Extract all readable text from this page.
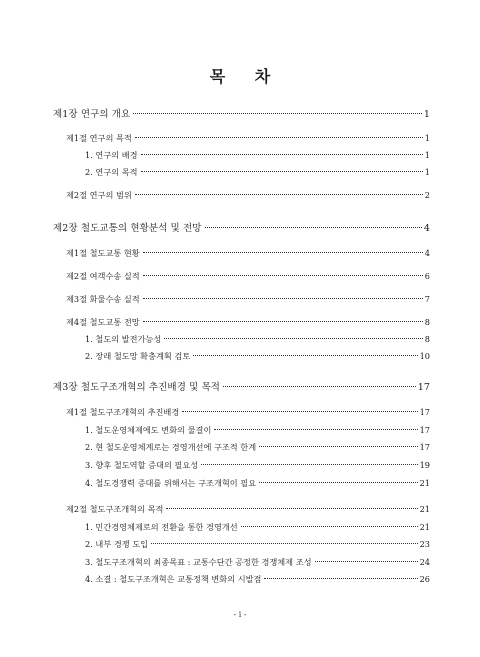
목 차
제1장 연구의 개요	1
제1절 연구의 목적	1
1. 연구의 배경	1
2. 연구의 목적	1
제2절 연구의 범위	2
제2장 철도교통의 현황분석 및 전망	4
제1절 철도교통 현황	4
제2절 여객수송 실적	6
제3절 화물수송 실적	7
제4절 철도교통 전망	8
1. 철도의 발전가능성	8
2. 장래 철도망 확충계획 검토	10
제3장 철도구조개혁의 추진배경 및 목적	17
제1절 철도구조개혁의 추진배경	17
1. 철도운영체제에도 변화의 물결이	17
2. 현 철도운영체계로는 경영개선에 구조적 한계	17
3. 향후 철도역할 증대의 필요성	19
4. 철도경쟁력 증대를 위해서는 구조개혁이 필요	21
제2절 철도구조개혁의 목적	21
1. 민간경영체제로의 전환을 통한 경영개선	21
2. 내부 경쟁 도입	23
3. 철도구조개혁의 최종목표 : 교통수단간 공정한 경쟁체제 조성	24
4. 소결 : 철도구조개혁은 교통정책 변화의 시발점	26
- i -
